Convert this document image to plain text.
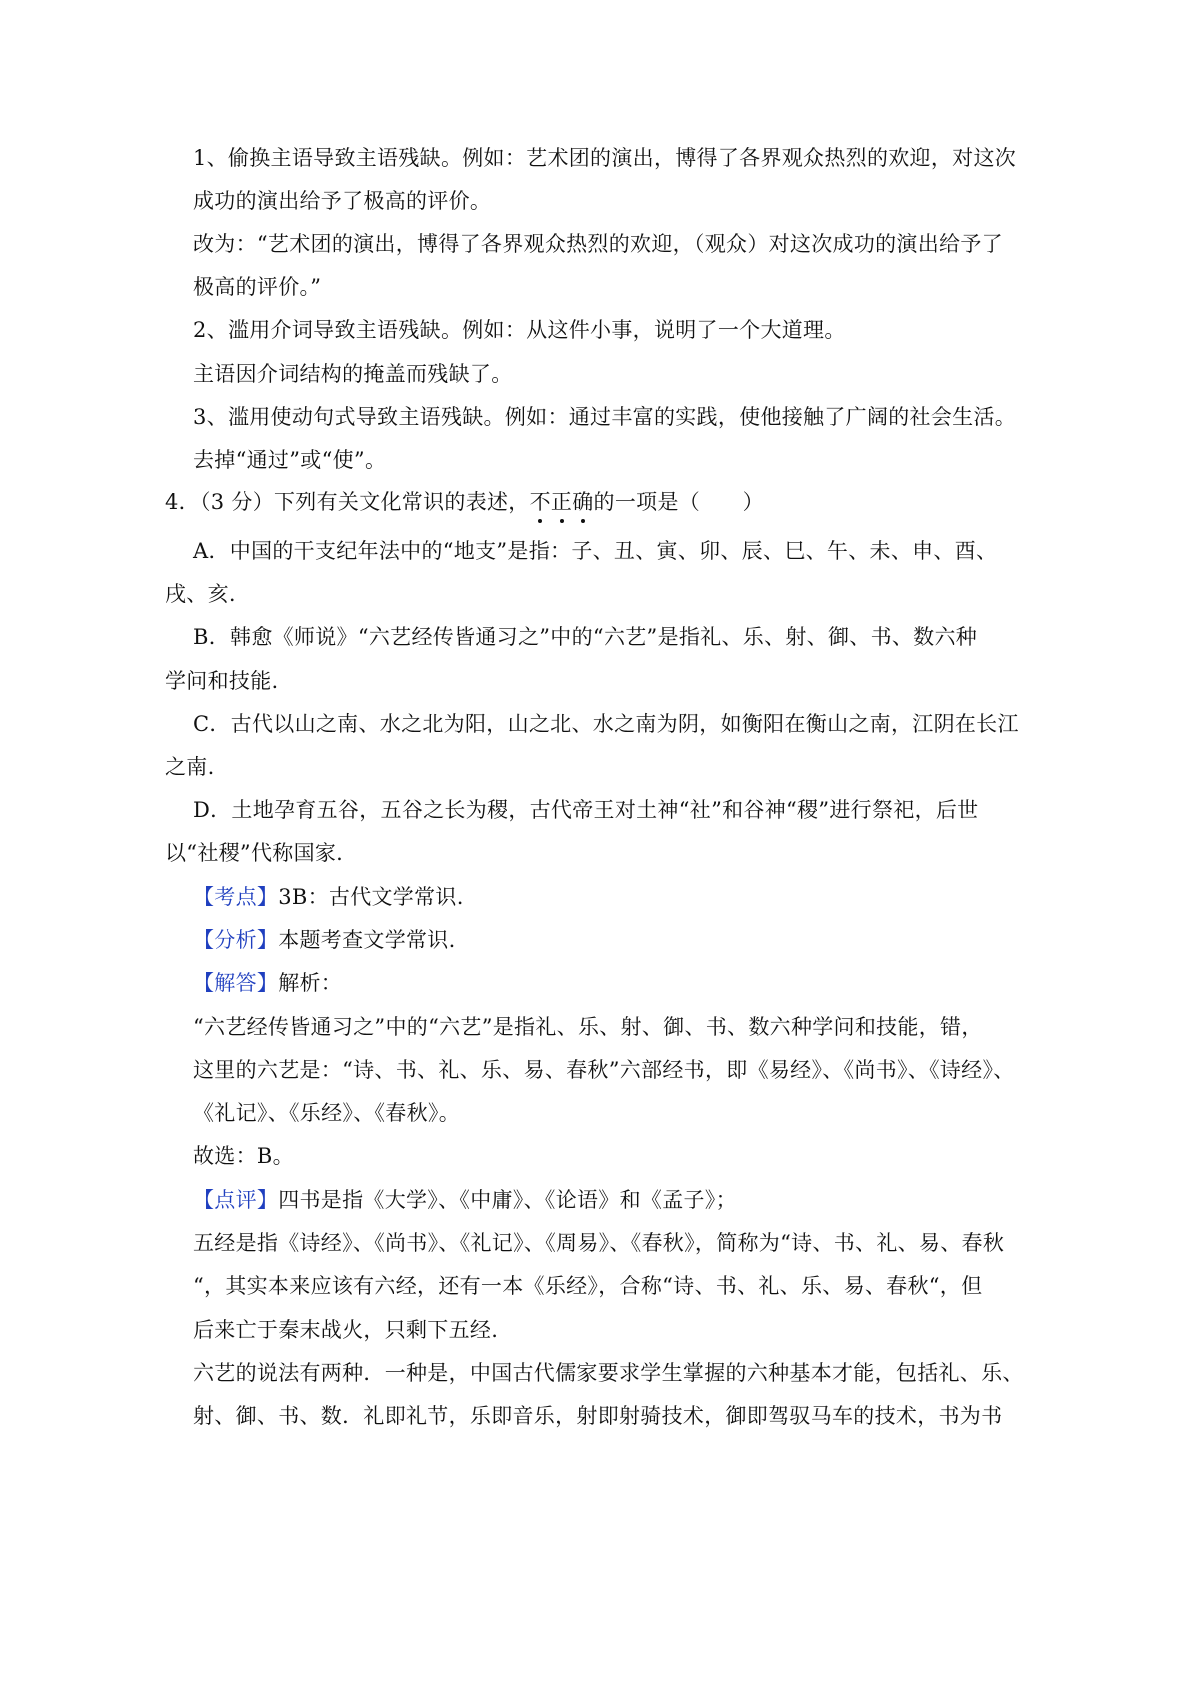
1、偷换主语导致主语残缺。例如：艺术团的演出，博得了各界观众热烈的欢迎，对这次
成功的演出给予了极高的评价。
改为：“艺术团的演出，博得了各界观众热烈的欢迎，（观众）对这次成功的演出给予了
极高的评价。”
2、滥用介词导致主语残缺。例如：从这件小事，说明了一个大道理。
主语因介词结构的掩盖而残缺了。
3、滥用使动句式导致主语残缺。例如：通过丰富的实践，使他接触了广阔的社会生活。
去掉“通过”或“使”。
4．（3 分）下列有关文化常识的表述，不正确的一项是（　　）
A．中国的干支纪年法中的“地支”是指：子、丑、寅、卯、辰、巳、午、未、申、酉、
戌、亥.
B．韩愈《师说》“六艺经传皆通习之”中的“六艺”是指礼、乐、射、御、书、数六种
学问和技能.
C．古代以山之南、水之北为阳，山之北、水之南为阴，如衡阳在衡山之南，江阴在长江
之南.
D．土地孕育五谷，五谷之长为稷，古代帝王对土神“社”和谷神“稷”进行祭祀，后世
以“社稷”代称国家.
【考点】3B：古代文学常识.
【分析】本题考查文学常识.
【解答】解析：
“六艺经传皆通习之”中的“六艺”是指礼、乐、射、御、书、数六种学问和技能，错，
这里的六艺是：“诗、书、礼、乐、易、春秋”六部经书，即《易经》、《尚书》、《诗经》、
《礼记》、《乐经》、《春秋》。
故选：B。
【点评】四书是指《大学》、《中庸》、《论语》和《孟子》；
五经是指《诗经》、《尚书》、《礼记》、《周易》、《春秋》，简称为“诗、书、礼、易、春秋
“，其实本来应该有六经，还有一本《乐经》，合称“诗、书、礼、乐、易、春秋“，但
后来亡于秦末战火，只剩下五经.
六艺的说法有两种．一种是，中国古代儒家要求学生掌握的六种基本才能，包括礼、乐、
射、御、书、数．礼即礼节，乐即音乐，射即射骑技术，御即驾驭马车的技术，书为书
